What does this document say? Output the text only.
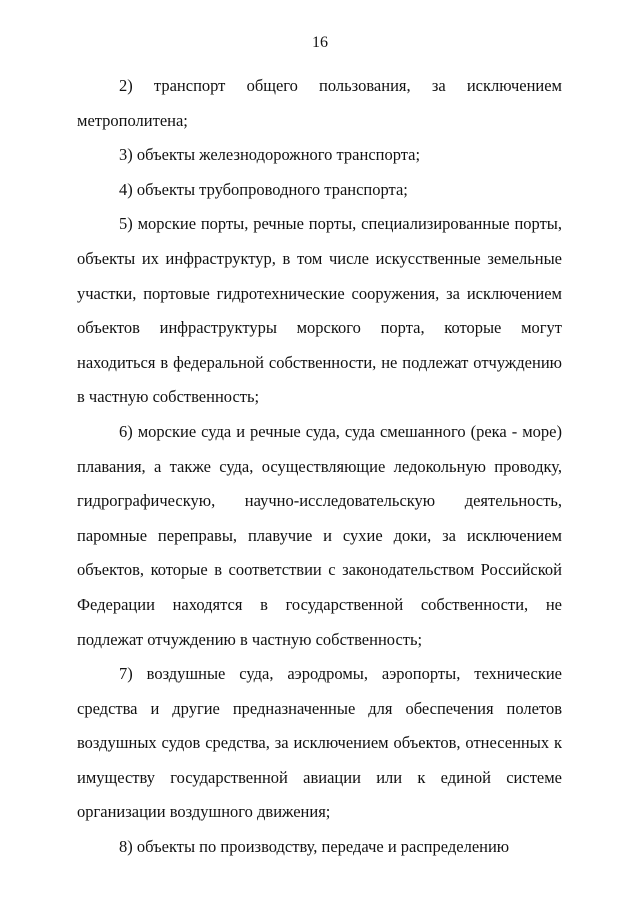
16

2) транспорт общего пользования, за исключением метрополитена;

3) объекты железнодорожного транспорта;

4) объекты трубопроводного транспорта;

5) морские порты, речные порты, специализированные порты, объекты их инфраструктур, в том числе искусственные земельные участки, портовые гидротехнические сооружения, за исключением объектов инфраструктуры морского порта, которые могут находиться в федеральной собственности, не подлежат отчуждению в частную собственность;

6) морские суда и речные суда, суда смешанного (река - море) плавания, а также суда, осуществляющие ледокольную проводку, гидрографическую, научно-исследовательскую деятельность, паромные переправы, плавучие и сухие доки, за исключением объектов, которые в соответствии с законодательством Российской Федерации находятся в государственной собственности, не подлежат отчуждению в частную собственность;

7) воздушные суда, аэродромы, аэропорты, технические средства и другие предназначенные для обеспечения полетов воздушных судов средства, за исключением объектов, отнесенных к имуществу государственной авиации или к единой системе организации воздушного движения;

8) объекты по производству, передаче и распределению
